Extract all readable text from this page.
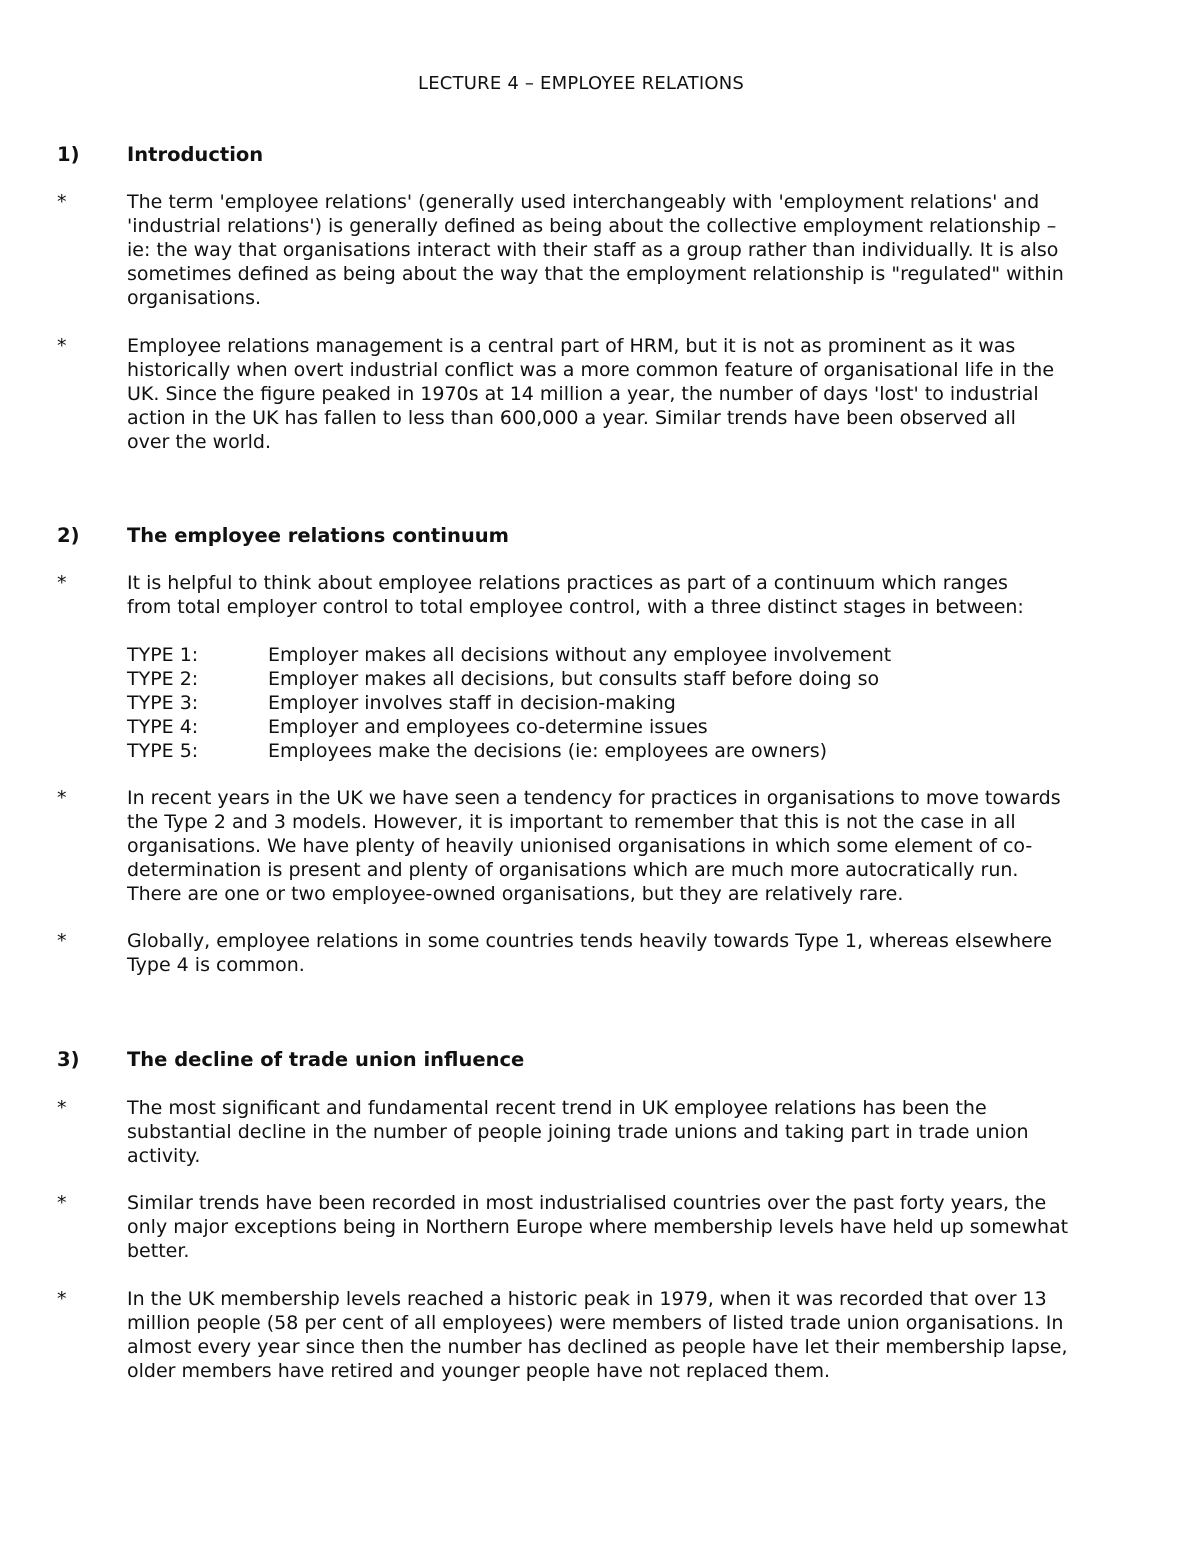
LECTURE 4 – EMPLOYEE RELATIONS
1)	Introduction
*	The term 'employee relations' (generally used interchangeably with 'employment relations' and
'industrial relations') is generally defined as being about the collective employment relationship –
ie: the way that organisations interact with their staff as a group rather than individually. It is also
sometimes defined as being about the way that the employment relationship is "regulated" within
organisations.
*	Employee relations management is a central part of HRM, but it is not as prominent as it was
historically when overt industrial conflict was a more common feature of organisational life in the
UK. Since the figure peaked in 1970s at 14 million a year, the number of days 'lost' to industrial
action in the UK has fallen to less than 600,000 a year. Similar trends have been observed all
over the world.
2)	The employee relations continuum
*	It is helpful to think about employee relations practices as part of a continuum which ranges
from total employer control to total employee control, with a three distinct stages in between:
TYPE 1:	Employer makes all decisions without any employee involvement
TYPE 2:	Employer makes all decisions, but consults staff before doing so
TYPE 3:	Employer involves staff in decision-making
TYPE 4:	Employer and employees co-determine issues
TYPE 5:	Employees make the decisions (ie: employees are owners)
*	In recent years in the UK we have seen a tendency for practices in organisations to move towards
the Type 2 and 3 models. However, it is important to remember that this is not the case in all
organisations. We have plenty of heavily unionised organisations in which some element of co-
determination is present and plenty of organisations which are much more autocratically run.
There are one or two employee-owned organisations, but they are relatively rare.
*	Globally, employee relations in some countries tends heavily towards Type 1, whereas elsewhere
Type 4 is common.
3)	The decline of trade union influence
*	The most significant and fundamental recent trend in UK employee relations has been the
substantial decline in the number of people joining trade unions and taking part in trade union
activity.
*	Similar trends have been recorded in most industrialised countries over the past forty years, the
only major exceptions being in Northern Europe where membership levels have held up somewhat
better.
*	In the UK membership levels reached a historic peak in 1979, when it was recorded that over 13
million people (58 per cent of all employees) were members of listed trade union organisations. In
almost every year since then the number has declined as people have let their membership lapse,
older members have retired and younger people have not replaced them.
